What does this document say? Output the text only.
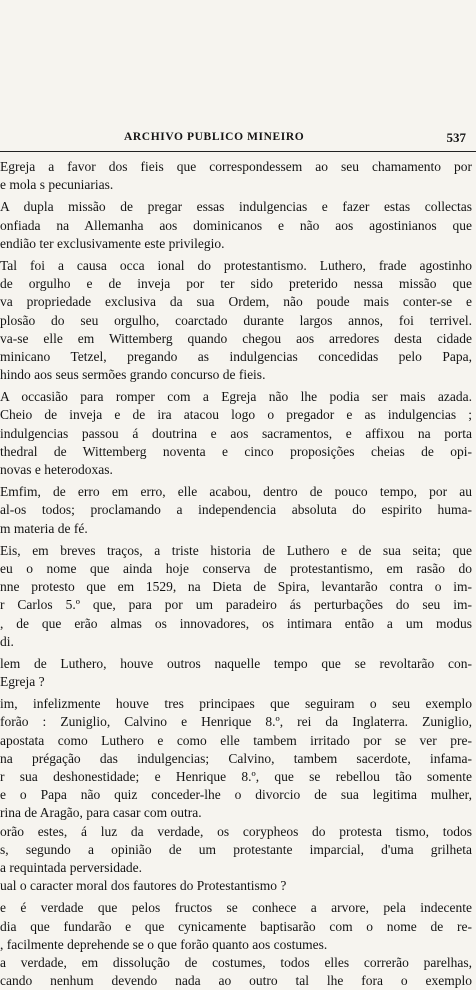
ARCHIVO PUBLICO MINEIRO	537
Egreja a favor dos fieis que correspondessem ao seu chamamento por
e mola s pecuniarias.
A dupla missão de pregar essas indulgencias e fazer estas collectas
onfiada na Allemanha aos dominicanos e não aos agostinianos que
endião ter exclusivamente este privilegio.
Tal foi a causa occa ional do protestantismo. Luthero, frade agostinho
de orgulho e de inveja por ter sido preterido nessa missão que
va propriedade exclusiva da sua Ordem, não poude mais conter-se e
plosão do seu orgulho, coarctado durante largos annos, foi terrivel.
va-se elle em Wittemberg quando chegou aos arredores desta cidade
minicano Tetzel, pregando as indulgencias concedidas pelo Papa,
hindo aos seus sermões grando concurso de fieis.
A occasião para romper com a Egreja não lhe podia ser mais azada.
Cheio de inveja e de ira atacou logo o pregador e as indulgencias ;
indulgencias passou á doutrina e aos sacramentos, e affixou na porta
thedral de Wittemberg noventa e cinco proposições cheias de opi-
novas e heterodoxas.
Emfim, de erro em erro, elle acabou, dentro de pouco tempo, por au
al-os todos; proclamando a independencia absoluta do espirito huma-
m materia de fé.
Eis, em breves traços, a triste historia de Luthero e de sua seita; que
eu o nome que ainda hoje conserva de protestantismo, em rasão do
nne protesto que em 1529, na Dieta de Spira, levantarão contra o im-
r Carlos 5.º que, para por um paradeiro ás perturbações do seu im-
, de que erão almas os innovadores, os intimara então a um modus
di.
lem de Luthero, houve outros naquelle tempo que se revoltarão con-
Egreja ?
im, infelizmente houve tres principaes que seguiram o seu exemplo
forão : Zuniglio, Calvino e Henrique 8.º, rei da Inglaterra. Zuniglio,
apostata como Luthero e como elle tambem irritado por se ver pre-
na prégação das indulgencias; Calvino, tambem sacerdote, infama-
r sua deshonestidade; e Henrique 8.º, que se rebellou tão somente
e o Papa não quiz conceder-lhe o divorcio de sua legitima mulher,
rina de Aragão, para casar com outra.
orão estes, á luz da verdade, os corypheos do protesta tismo, todos
s, segundo a opinião de um protestante imparcial, d'uma grilheta
a requintada perversidade.
ual o caracter moral dos fautores do Protestantismo ?
e é verdade que pelos fructos se conhece a arvore, pela indecente
dia que fundarão e que cynicamente baptisarão com o nome de re-
, facilmente deprehende se o que forão quanto aos costumes.
a verdade, em dissolução de costumes, todos elles correrão parelhas,
cando nenhum devendo nada ao outro tal lhe fora o exemplo
